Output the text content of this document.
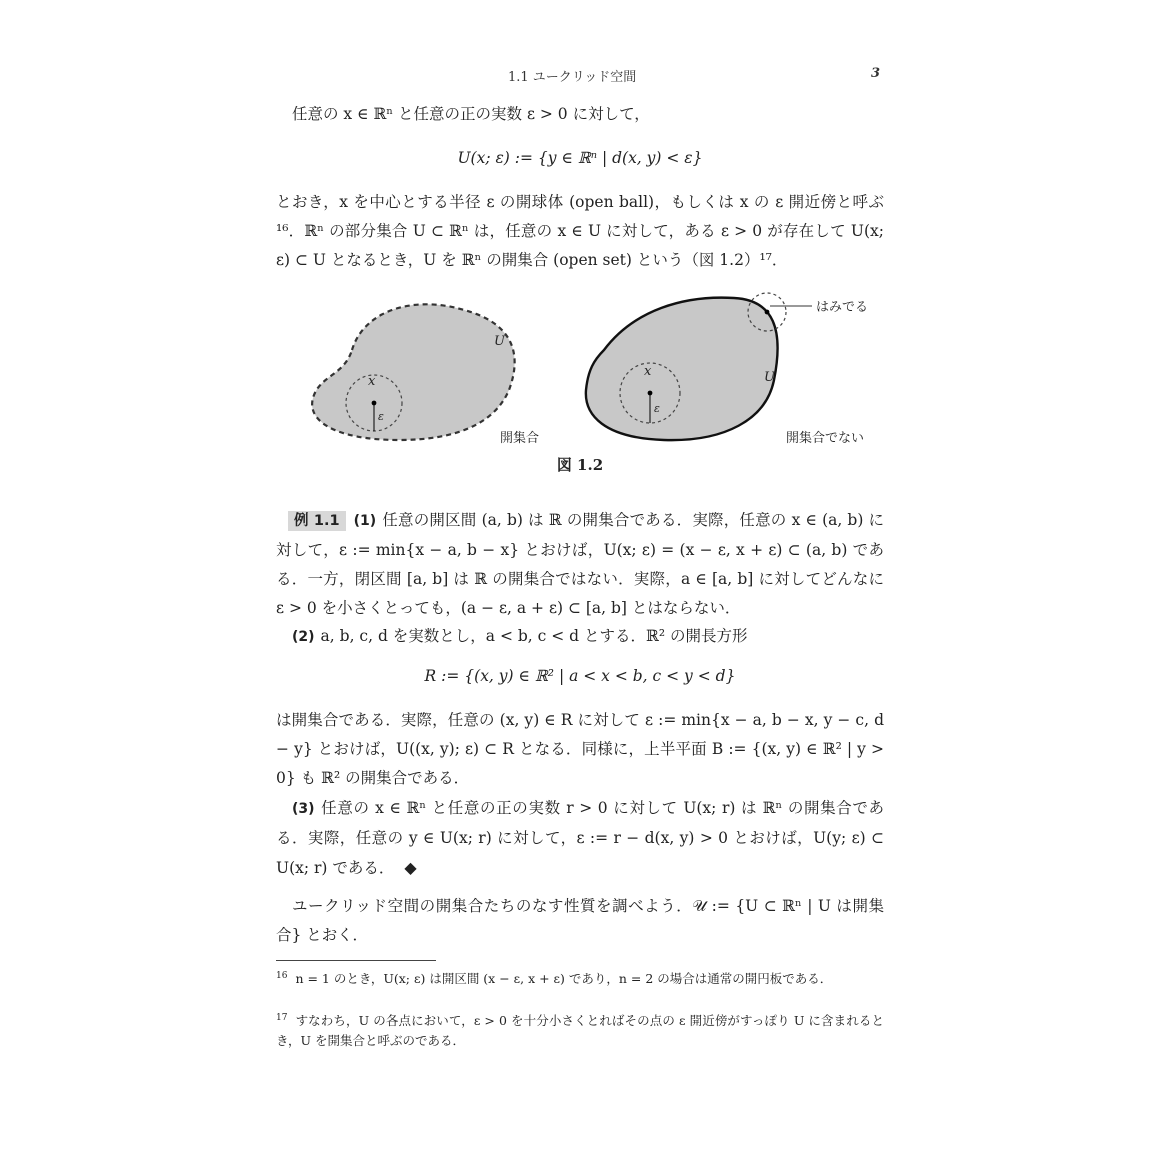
1.1 ユークリッド空間	3
任意の x ∈ ℝⁿ と任意の正の実数 ε > 0 に対して，
U(x; ε) := {y ∈ ℝⁿ | d(x, y) < ε}
とおき，x を中心とする半径 ε の開球体 (open ball)，もしくは x の ε 開近傍と呼ぶ¹⁶．ℝⁿ の部分集合 U ⊂ ℝⁿ は，任意の x ∈ U に対して，ある ε > 0 が存在して U(x; ε) ⊂ U となるとき，U を ℝⁿ の開集合 (open set) という（図 1.2）¹⁷．
U
x
ε
開集合
U
x
ε
開集合でない
はみでる
図 1.2
例 1.1 (1) 任意の開区間 (a, b) は ℝ の開集合である．実際，任意の x ∈ (a, b) に対して，ε := min{x − a, b − x} とおけば，U(x; ε) = (x − ε, x + ε) ⊂ (a, b) である．一方，閉区間 [a, b] は ℝ の開集合ではない．実際，a ∈ [a, b] に対してどんなに ε > 0 を小さくとっても，(a − ε, a + ε) ⊂ [a, b] とはならない．
(2) a, b, c, d を実数とし，a < b, c < d とする．ℝ² の開長方形
R := {(x, y) ∈ ℝ² | a < x < b, c < y < d}
は開集合である．実際，任意の (x, y) ∈ R に対して ε := min{x − a, b − x, y − c, d − y} とおけば，U((x, y); ε) ⊂ R となる．同様に，上半平面 B := {(x, y) ∈ ℝ² | y > 0} も ℝ² の開集合である．
(3) 任意の x ∈ ℝⁿ と任意の正の実数 r > 0 に対して U(x; r) は ℝⁿ の開集合である．実際，任意の y ∈ U(x; r) に対して，ε := r − d(x, y) > 0 とおけば，U(y; ε) ⊂ U(x; r) である． ◆
ユークリッド空間の開集合たちのなす性質を調べよう．𝒰 := {U ⊂ ℝⁿ | U は開集合} とおく．
$^{16}$ n = 1 のとき，U(x; ε) は開区間 (x − ε, x + ε) であり，n = 2 の場合は通常の開円板である．
$^{17}$ すなわち，U の各点において，ε > 0 を十分小さくとればその点の ε 開近傍がすっぽり U に含まれるとき，U を開集合と呼ぶのである．
